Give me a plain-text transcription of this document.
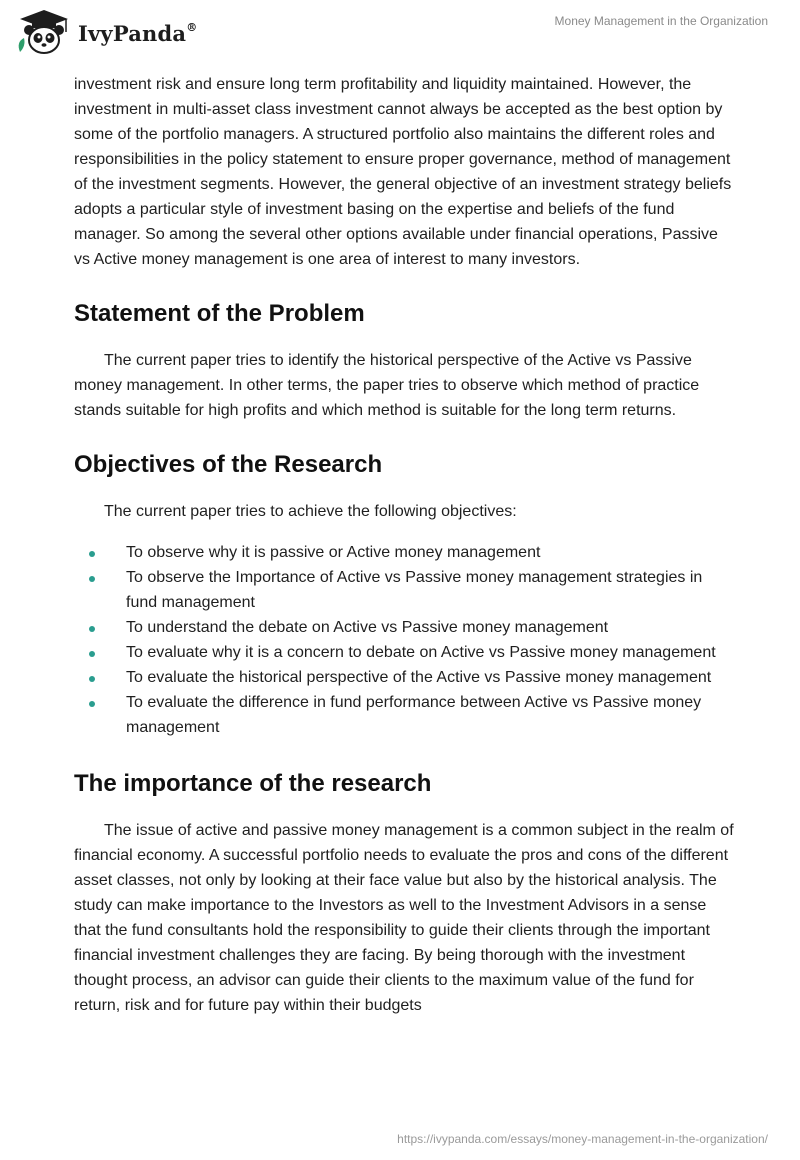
IvyPanda®	Money Management in the Organization

investment risk and ensure long term profitability and liquidity maintained. However, the investment in multi-asset class investment cannot always be accepted as the best option by some of the portfolio managers. A structured portfolio also maintains the different roles and responsibilities in the policy statement to ensure proper governance, method of management of the investment segments. However, the general objective of an investment strategy beliefs adopts a particular style of investment basing on the expertise and beliefs of the fund manager. So among the several other options available under financial operations, Passive vs Active money management is one area of interest to many investors.

Statement of the Problem

The current paper tries to identify the historical perspective of the Active vs Passive money management. In other terms, the paper tries to observe which method of practice stands suitable for high profits and which method is suitable for the long term returns.

Objectives of the Research

The current paper tries to achieve the following objectives:

To observe why it is passive or Active money management
To observe the Importance of Active vs Passive money management strategies in fund management
To understand the debate on Active vs Passive money management
To evaluate why it is a concern to debate on Active vs Passive money management
To evaluate the historical perspective of the Active vs Passive money management
To evaluate the difference in fund performance between Active vs Passive money management
The importance of the research

The issue of active and passive money management is a common subject in the realm of financial economy. A successful portfolio needs to evaluate the pros and cons of the different asset classes, not only by looking at their face value but also by the historical analysis. The study can make importance to the Investors as well to the Investment Advisors in a sense that the fund consultants hold the responsibility to guide their clients through the important financial investment challenges they are facing. By being thorough with the investment thought process, an advisor can guide their clients to the maximum value of the fund for return, risk and for future pay within their budgets

https://ivypanda.com/essays/money-management-in-the-organization/
